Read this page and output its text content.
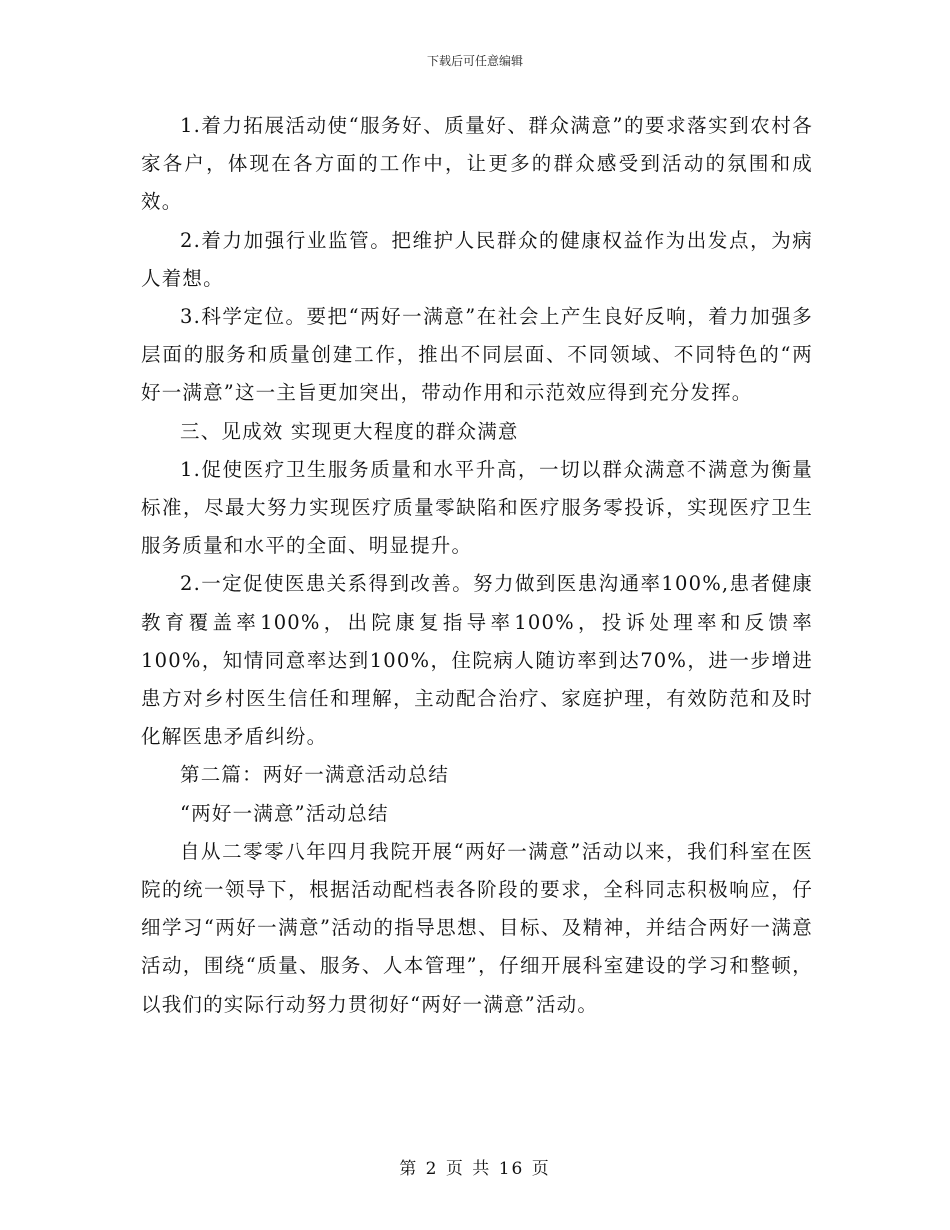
下载后可任意编辑

1.着力拓展活动使“服务好、质量好、群众满意”的要求落实到农村各家各户，体现在各方面的工作中，让更多的群众感受到活动的氛围和成效。

2.着力加强行业监管。把维护人民群众的健康权益作为出发点，为病人着想。

3.科学定位。要把“两好一满意”在社会上产生良好反响，着力加强多层面的服务和质量创建工作，推出不同层面、不同领域、不同特色的“两好一满意”这一主旨更加突出，带动作用和示范效应得到充分发挥。

三、见成效 实现更大程度的群众满意

1.促使医疗卫生服务质量和水平升高，一切以群众满意不满意为衡量标准，尽最大努力实现医疗质量零缺陷和医疗服务零投诉，实现医疗卫生服务质量和水平的全面、明显提升。

2.一定促使医患关系得到改善。努力做到医患沟通率100%,患者健康教育覆盖率100%，出院康复指导率100%，投诉处理率和反馈率100%，知情同意率达到100%，住院病人随访率到达70%，进一步增进患方对乡村医生信任和理解，主动配合治疗、家庭护理，有效防范和及时化解医患矛盾纠纷。

第二篇：两好一满意活动总结

“两好一满意”活动总结

自从二零零八年四月我院开展“两好一满意”活动以来，我们科室在医院的统一领导下，根据活动配档表各阶段的要求，全科同志积极响应，仔细学习“两好一满意”活动的指导思想、目标、及精神，并结合两好一满意活动，围绕“质量、服务、人本管理”，仔细开展科室建设的学习和整顿，以我们的实际行动努力贯彻好“两好一满意”活动。

第 2 页 共 16 页
